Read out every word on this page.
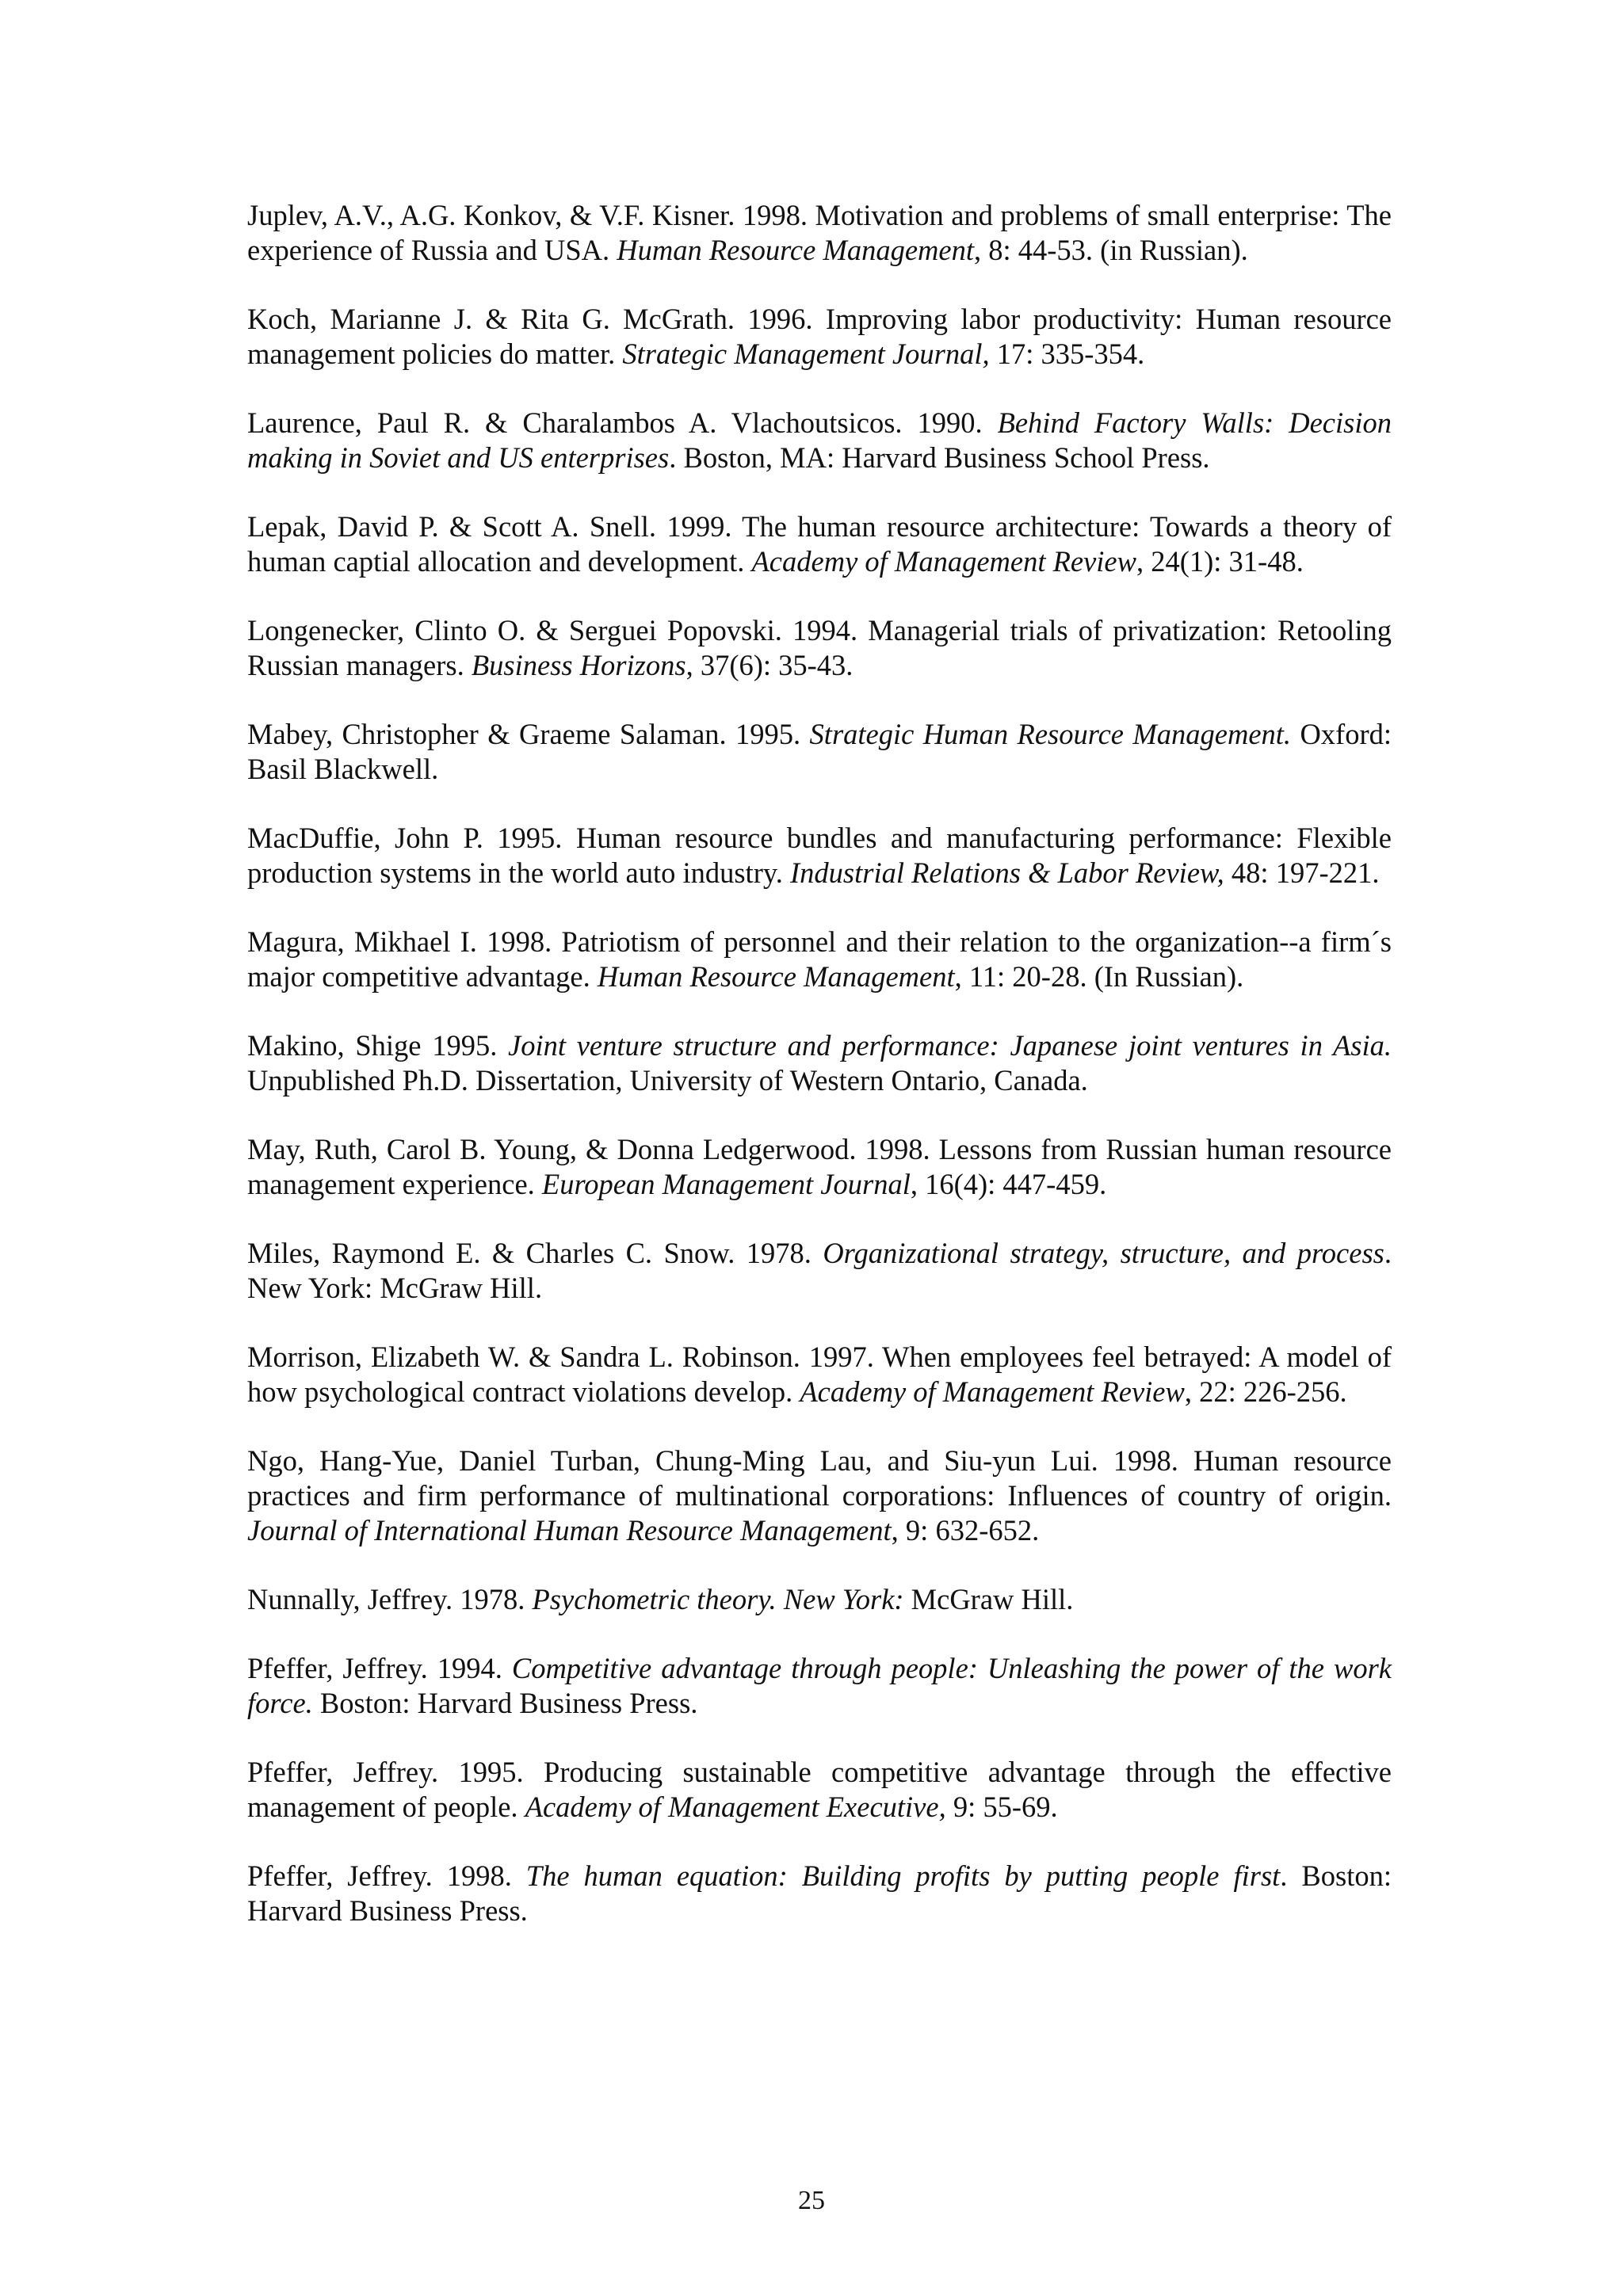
Juplev, A.V., A.G. Konkov, & V.F. Kisner. 1998. Motivation and problems of small enterprise: The experience of Russia and USA. Human Resource Management, 8: 44-53. (in Russian).

Koch, Marianne J. & Rita G. McGrath. 1996. Improving labor productivity: Human resource management policies do matter. Strategic Management Journal, 17: 335-354.

Laurence, Paul R. & Charalambos A. Vlachoutsicos. 1990. Behind Factory Walls: Decision making in Soviet and US enterprises. Boston, MA: Harvard Business School Press.

Lepak, David P. & Scott A. Snell. 1999. The human resource architecture: Towards a theory of human captial allocation and development. Academy of Management Review, 24(1): 31-48.

Longenecker, Clinto O. & Serguei Popovski. 1994. Managerial trials of privatization: Retooling Russian managers. Business Horizons, 37(6): 35-43.

Mabey, Christopher & Graeme Salaman. 1995. Strategic Human Resource Management. Oxford: Basil Blackwell.

MacDuffie, John P. 1995. Human resource bundles and manufacturing performance: Flexible production systems in the world auto industry. Industrial Relations & Labor Review, 48: 197-221.

Magura, Mikhael I. 1998. Patriotism of personnel and their relation to the organization--a firm´s major competitive advantage. Human Resource Management, 11: 20-28. (In Russian).

Makino, Shige 1995. Joint venture structure and performance: Japanese joint ventures in Asia. Unpublished Ph.D. Dissertation, University of Western Ontario, Canada.

May, Ruth, Carol B. Young, & Donna Ledgerwood. 1998. Lessons from Russian human resource management experience. European Management Journal, 16(4): 447-459.

Miles, Raymond E. & Charles C. Snow. 1978. Organizational strategy, structure, and process. New York: McGraw Hill.

Morrison, Elizabeth W. & Sandra L. Robinson. 1997. When employees feel betrayed: A model of how psychological contract violations develop. Academy of Management Review, 22: 226-256.

Ngo, Hang-Yue, Daniel Turban, Chung-Ming Lau, and Siu-yun Lui. 1998. Human resource practices and firm performance of multinational corporations: Influences of country of origin. Journal of International Human Resource Management, 9: 632-652.

Nunnally, Jeffrey. 1978. Psychometric theory. New York: McGraw Hill.

Pfeffer, Jeffrey. 1994. Competitive advantage through people: Unleashing the power of the work force. Boston: Harvard Business Press.

Pfeffer, Jeffrey. 1995. Producing sustainable competitive advantage through the effective management of people. Academy of Management Executive, 9: 55-69.

Pfeffer, Jeffrey. 1998. The human equation: Building profits by putting people first. Boston: Harvard Business Press.

25
